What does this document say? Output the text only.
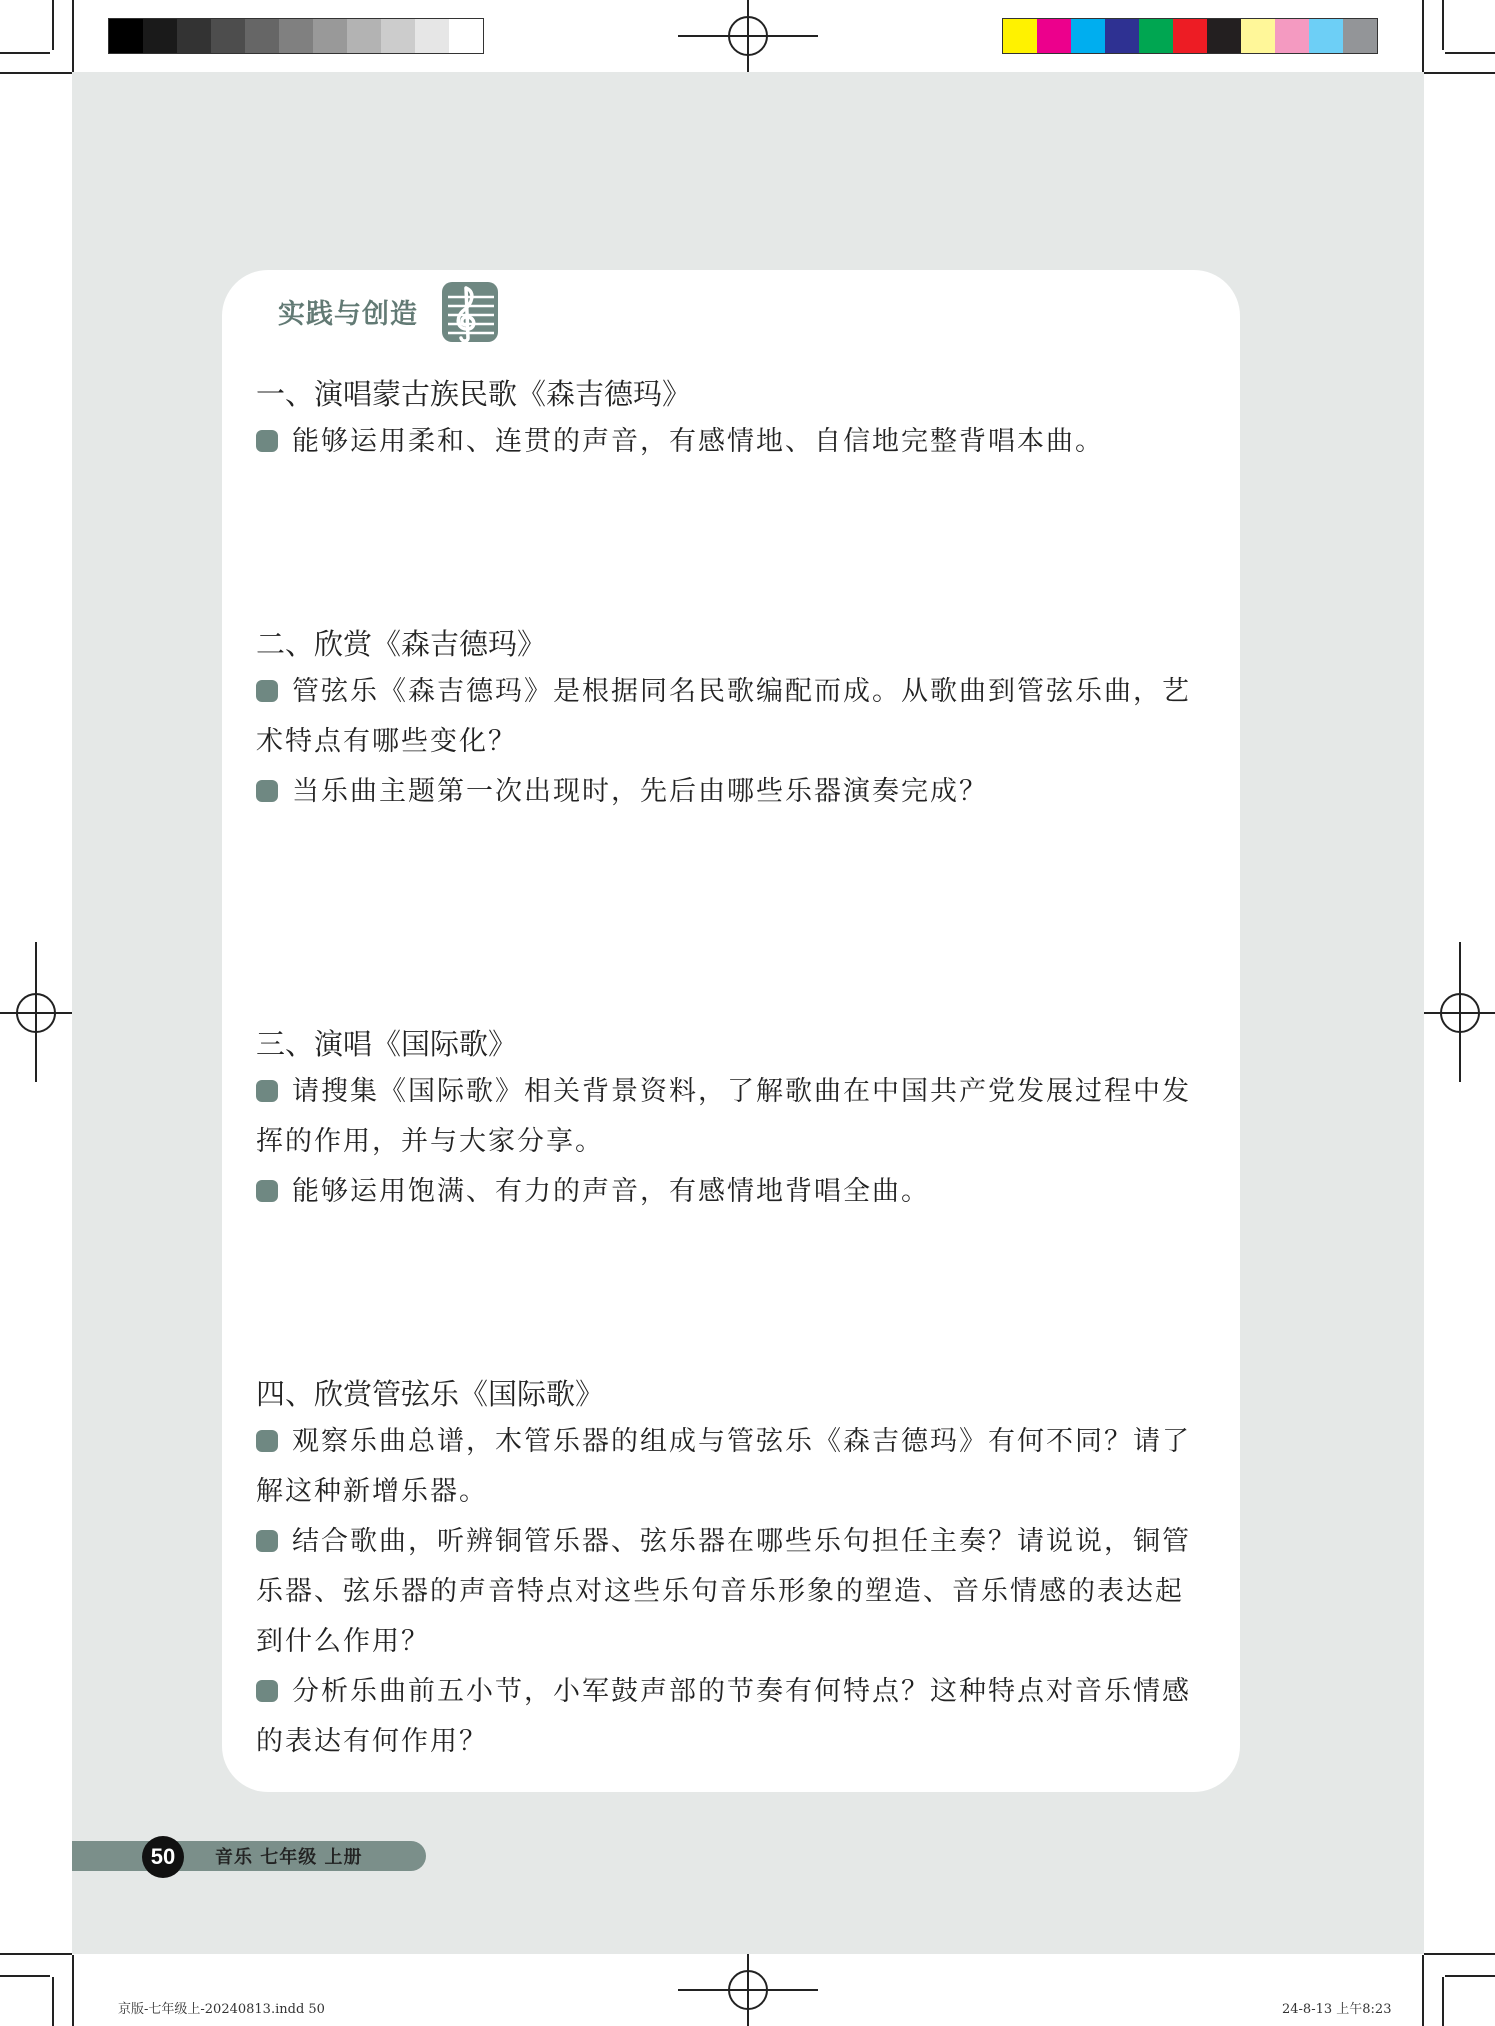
实践与创造
一、演唱蒙古族民歌《森吉德玛》
能够运用柔和、连贯的声音，有感情地、自信地完整背唱本曲。
二、欣赏《森吉德玛》
管弦乐《森吉德玛》是根据同名民歌编配而成。从歌曲到管弦乐曲，艺术特点有哪些变化？
当乐曲主题第一次出现时，先后由哪些乐器演奏完成？
三、演唱《国际歌》
请搜集《国际歌》相关背景资料，了解歌曲在中国共产党发展过程中发挥的作用，并与大家分享。
能够运用饱满、有力的声音，有感情地背唱全曲。
四、欣赏管弦乐《国际歌》
观察乐曲总谱，木管乐器的组成与管弦乐《森吉德玛》有何不同？请了解这种新增乐器。
结合歌曲，听辨铜管乐器、弦乐器在哪些乐句担任主奏？请说说，铜管乐器、弦乐器的声音特点对这些乐句音乐形象的塑造、音乐情感的表达起到什么作用？
分析乐曲前五小节，小军鼓声部的节奏有何特点？这种特点对音乐情感的表达有何作用？
50	音乐 七年级 上册
京版-七年级上-20240813.indd 50	24-8-13 上午8:23
